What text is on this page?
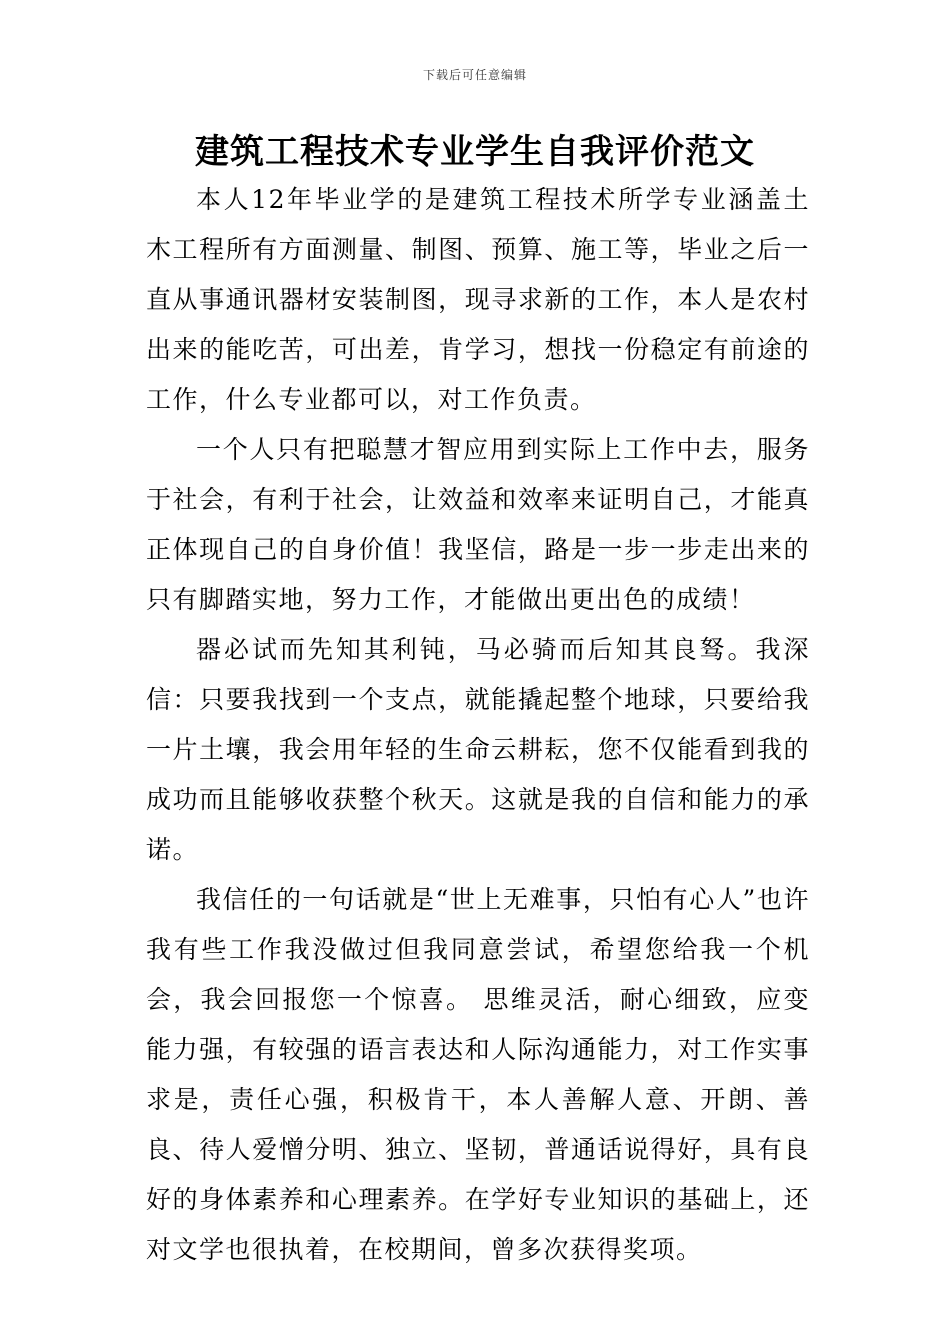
下载后可任意编辑
建筑工程技术专业学生自我评价范文

本人12年毕业学的是建筑工程技术所学专业涵盖土木工程所有方面测量、制图、预算、施工等，毕业之后一直从事通讯器材安装制图，现寻求新的工作，本人是农村出来的能吃苦，可出差，肯学习，想找一份稳定有前途的工作，什么专业都可以，对工作负责。

一个人只有把聪慧才智应用到实际上工作中去，服务于社会，有利于社会，让效益和效率来证明自己，才能真正体现自己的自身价值！我坚信，路是一步一步走出来的只有脚踏实地，努力工作，才能做出更出色的成绩！

器必试而先知其利钝，马必骑而后知其良驽。我深信：只要我找到一个支点，就能撬起整个地球，只要给我一片土壤，我会用年轻的生命云耕耘，您不仅能看到我的成功而且能够收获整个秋天。这就是我的自信和能力的承诺。

我信任的一句话就是“世上无难事，只怕有心人”也许我有些工作我没做过但我同意尝试，希望您给我一个机会，我会回报您一个惊喜。 思维灵活，耐心细致，应变能力强，有较强的语言表达和人际沟通能力，对工作实事求是，责任心强，积极肯干，本人善解人意、开朗、善良、待人爱憎分明、独立、坚韧，普通话说得好，具有良好的身体素养和心理素养。在学好专业知识的基础上，还对文学也很执着，在校期间，曾多次获得奖项。
